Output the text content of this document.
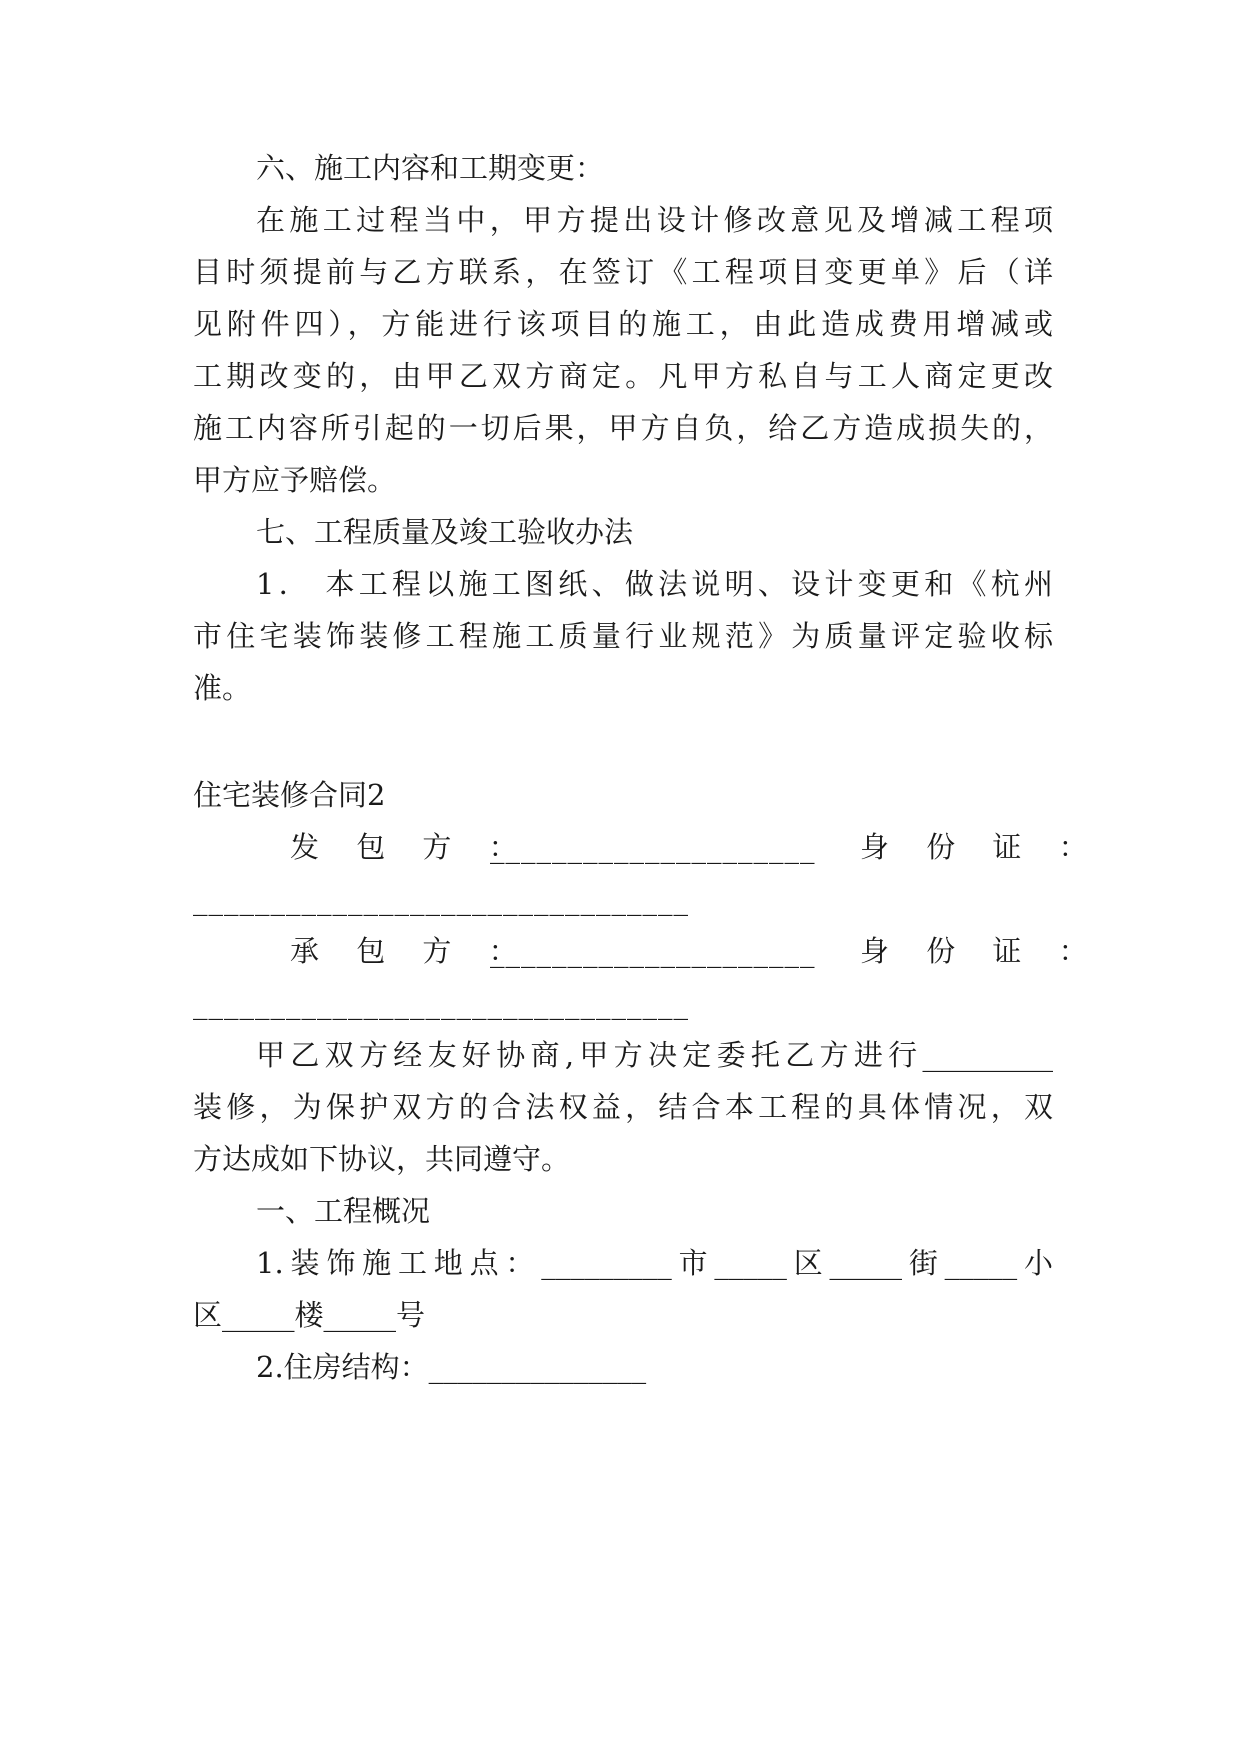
六、施工内容和工期变更：
在施工过程当中，甲方提出设计修改意见及增减工程项
目时须提前与乙方联系，在签订《工程项目变更单》后（详
见附件四），方能进行该项目的施工，由此造成费用增减或
工期改变的，由甲乙双方商定。凡甲方私自与工人商定更改
施工内容所引起的一切后果，甲方自负，给乙方造成损失的，
甲方应予赔偿。
七、工程质量及竣工验收办法
1． 本工程以施工图纸、做法说明、设计变更和《杭州
市住宅装饰装修工程施工质量行业规范》为质量评定验收标
准。
住宅装修合同2
发 包 方 ：
_____________________	身 份 证 ：
________________________________
承 包 方 ：
_____________________	身 份 证 ：
________________________________
甲乙双方经友好协商,甲方决定委托乙方进行_________
装修，为保护双方的合法权益，结合本工程的具体情况，双
方达成如下协议，共同遵守。
一、工程概况
1.装饰施工地点：_________市_____区_____街_____小
区_____楼_____号
2.住房结构：_______________
